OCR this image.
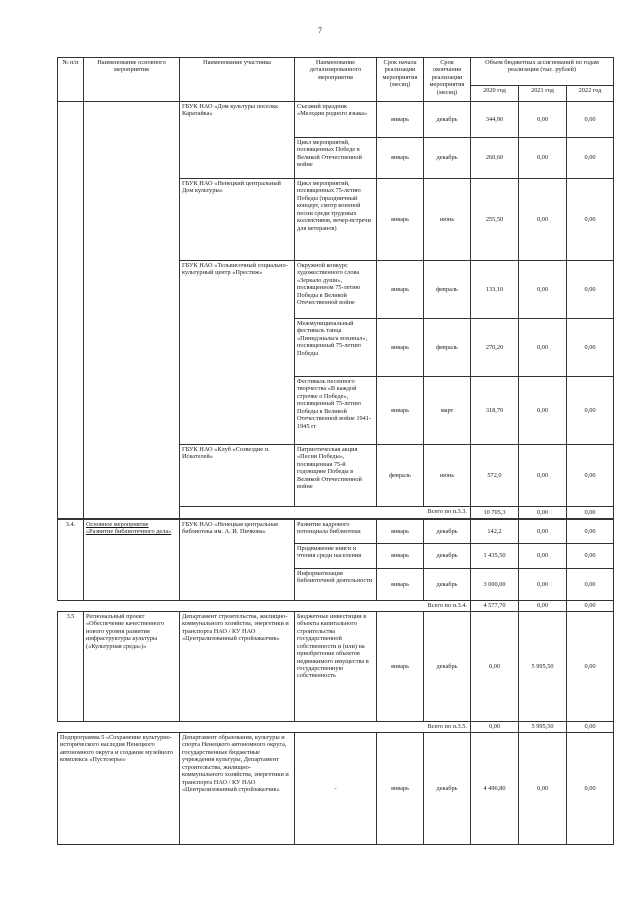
7
№ п/п	Наименование основного мероприятия	Наименование участника	Наименование детализированного мероприятия	Срок начала реализации мероприятия (месяц)	Срок окончания реализации мероприятия (месяц)	Объем бюджетных ассигнований по годам реализации (тыс. рублей)		
						2020 год	2021 год	2022 год
		ГБУК НАО «Дом культуры поселка Каратайка»	Съезжий праздник «Мелодия родного языка»	январь	декабрь	344,90	0,00	0,00
			Цикл мероприятий, посвященных Победе в Великой Отечественной войне	январь	декабрь	260,60	0,00	0,00
		ГБУК НАО «Ненецкий центральный Дом культуры»	Цикл мероприятий, посвященных 75-летию Победы (праздничный концерт, смотр военной песни среди трудовых коллективов, вечер-встречи для ветеранов)	январь	июнь	255,50	0,00	0,00
		ГБУК НАО «Тельвисочный социально-культурный центр «Престиж»	Окружной конкурс художественного слова «Зеркало души», посвященном 75-летию Победы в Великой Отечественной войне	январь	февраль	133,10	0,00	0,00
			Межмуниципальный фестиваль танца «Пинидэнальга мэхинал», посвященный 75-летию Победы	январь	февраль	270,20	0,00	0,00
			Фестиваль песенного творчества «В каждой строчке о Победе», посвященный 75-летию Победы в Великой Отечественной войне 1941-1945 гг	январь	март	318,70	0,00	0,00
		ГБУК НАО «Клуб «Созвездие п. Искателей»	Патриотическая акция «Песни Победы», посвященная 75-й годовщине Победы в Великой Отечественной войне	февраль	июнь	572,0	0,00	0,00
		Всего по п.3.3.				10 705,3	0,00	0,00
3.4.	Основное мероприятие «Развитие библиотечного дела»	ГБУК НАО «Ненецкая центральная библиотека им. А. И. Пичкова»	Развитие кадрового потенциала библиотеки	январь	декабрь	142,2	0,00	0,00
			Продвижение книги и чтения среди населения	январь	декабрь	1 435,50	0,00	0,00
			Информатизация библиотечной деятельности	январь	декабрь	3 000,00	0,00	0,00
Всего по п.3.4.						4 577,70	0,00	0,00
3.5	Региональный проект «Обеспечение качественного нового уровня развития инфраструктуры культуры («Культурная среда»)»	Департамент строительства, жилищно-коммунального хозяйства, энергетики и транспорта НАО / КУ НАО «Централизованный стройзаказчик»	Бюджетные инвестиции в объекты капитального строительства государственной собственности и (или) на приобретение объектов недвижимого имущества в государственную собственность	январь	декабрь	0,00	5 995,50	0,00
Всего по п.3.5.						0,00	5 995,50	0,00
Подпрограмма 5 «Сохранение культурно-исторического наследия Ненецкого автономного округа и создание музейного комплекса «Пустозерье»		Департамент образования, культуры и спорта Ненецкого автономного округа, государственные бюджетные учреждения культуры, Департамент строительства, жилищно-коммунального хозяйства, энергетики и транспорта НАО / КУ НАО «Централизованный стройзаказчик»	-	январь	декабрь	4 496,80	0,00	0,00
